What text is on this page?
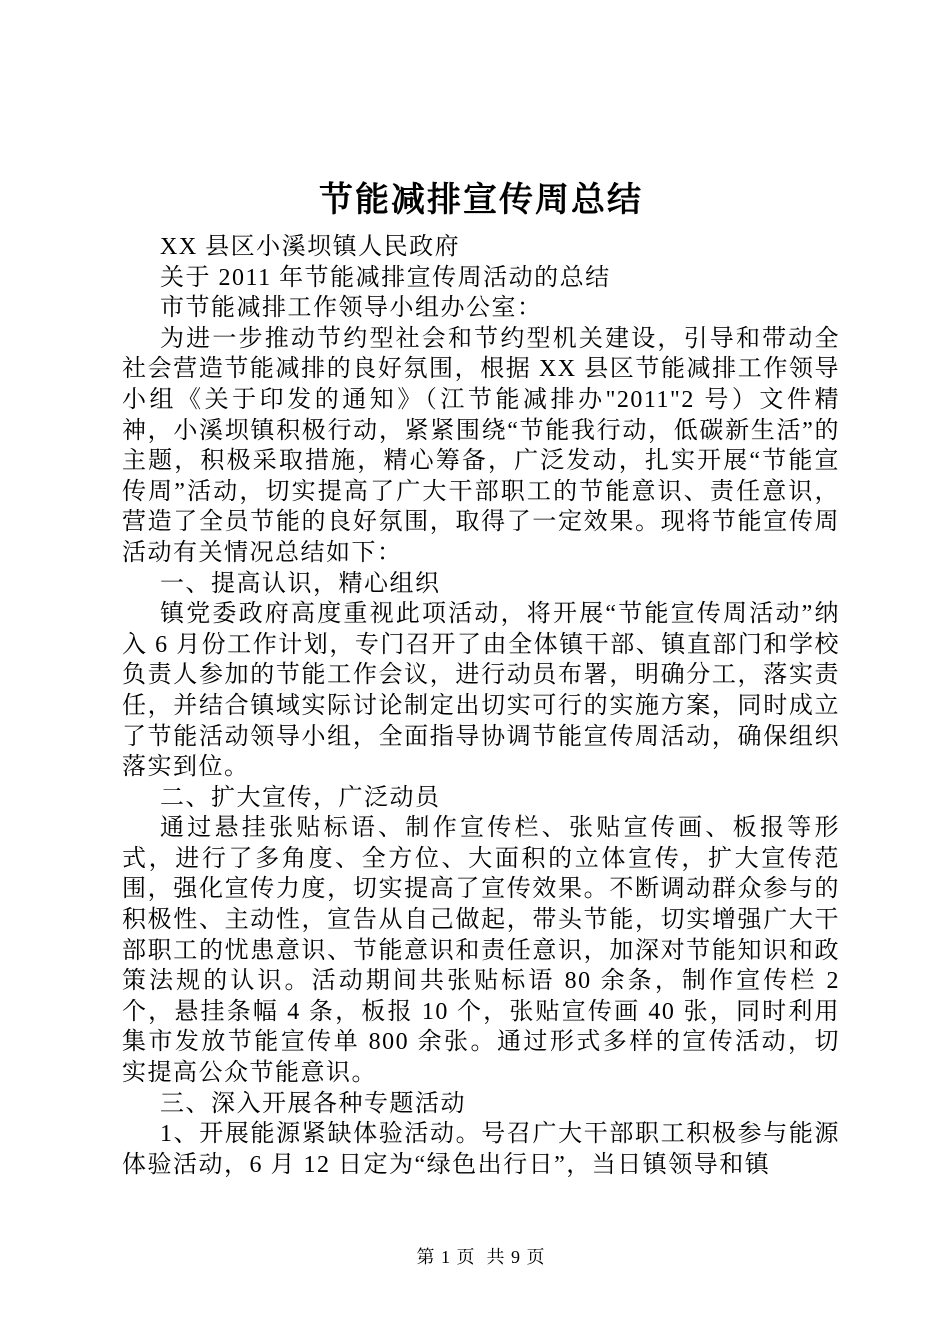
节能减排宣传周总结

XX 县区小溪坝镇人民政府

关于 2011 年节能减排宣传周活动的总结

市节能减排工作领导小组办公室：

为进一步推动节约型社会和节约型机关建设，引导和带动全社会营造节能减排的良好氛围，根据 XX 县区节能减排工作领导小组《关于印发的通知》（江节能减排办"2011"2 号）文件精神，小溪坝镇积极行动，紧紧围绕“节能我行动，低碳新生活”的主题，积极采取措施，精心筹备，广泛发动，扎实开展“节能宣传周”活动，切实提高了广大干部职工的节能意识、责任意识，营造了全员节能的良好氛围，取得了一定效果。现将节能宣传周活动有关情况总结如下：

一、提高认识，精心组织

镇党委政府高度重视此项活动，将开展“节能宣传周活动”纳入 6 月份工作计划，专门召开了由全体镇干部、镇直部门和学校负责人参加的节能工作会议，进行动员布署，明确分工，落实责任，并结合镇域实际讨论制定出切实可行的实施方案，同时成立了节能活动领导小组，全面指导协调节能宣传周活动，确保组织落实到位。

二、扩大宣传，广泛动员

通过悬挂张贴标语、制作宣传栏、张贴宣传画、板报等形式，进行了多角度、全方位、大面积的立体宣传，扩大宣传范围，强化宣传力度，切实提高了宣传效果。不断调动群众参与的积极性、主动性，宣告从自己做起，带头节能，切实增强广大干部职工的忧患意识、节能意识和责任意识，加深对节能知识和政策法规的认识。活动期间共张贴标语 80 余条，制作宣传栏 2 个，悬挂条幅 4 条，板报 10 个，张贴宣传画 40 张，同时利用集市发放节能宣传单 800 余张。通过形式多样的宣传活动，切实提高公众节能意识。

三、深入开展各种专题活动

1、开展能源紧缺体验活动。号召广大干部职工积极参与能源体验活动，6 月 12 日定为“绿色出行日”，当日镇领导和镇

第 1 页  共 9 页
